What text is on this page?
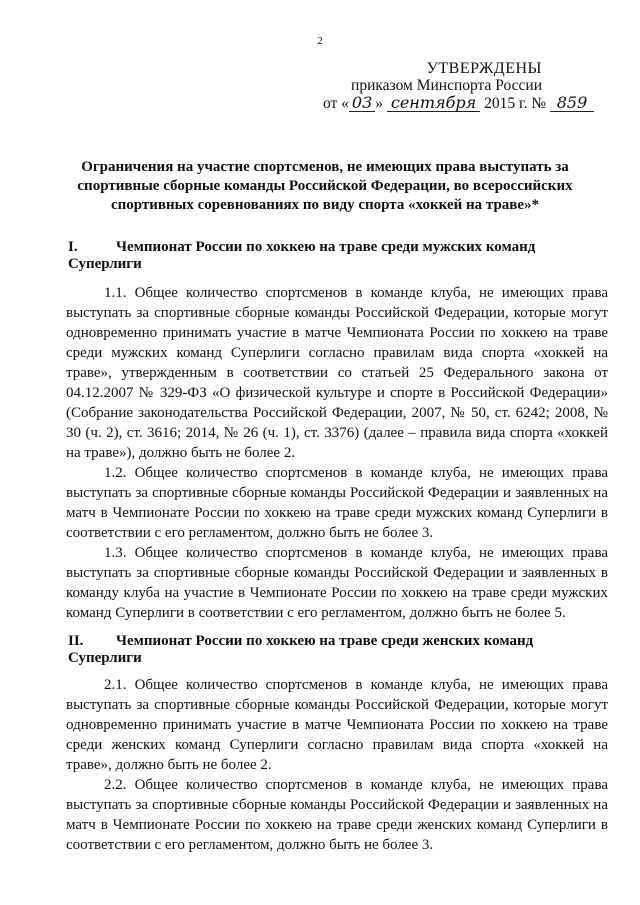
2
УТВЕРЖДЕНЫ
приказом Минспорта России
от « 03 » сентября 2015 г. № 859
Ограничения на участие спортсменов, не имеющих права выступать за спортивные сборные команды Российской Федерации, во всероссийских спортивных соревнованиях по виду спорта «хоккей на траве»*
I.	Чемпионат России по хоккею на траве среди мужских команд Суперлиги

1.1. Общее количество спортсменов в команде клуба, не имеющих права выступать за спортивные сборные команды Российской Федерации, которые могут одновременно принимать участие в матче Чемпионата России по хоккею на траве среди мужских команд Суперлиги согласно правилам вида спорта «хоккей на траве», утвержденным в соответствии со статьей 25 Федерального закона от 04.12.2007 № 329-ФЗ «О физической культуре и спорте в Российской Федерации» (Собрание законодательства Российской Федерации, 2007, № 50, ст. 6242; 2008, № 30 (ч. 2), ст. 3616; 2014, № 26 (ч. 1), ст. 3376) (далее – правила вида спорта «хоккей на траве»), должно быть не более 2.

1.2. Общее количество спортсменов в команде клуба, не имеющих права выступать за спортивные сборные команды Российской Федерации и заявленных на матч в Чемпионате России по хоккею на траве среди мужских команд Суперлиги в соответствии с его регламентом, должно быть не более 3.

1.3. Общее количество спортсменов в команде клуба, не имеющих права выступать за спортивные сборные команды Российской Федерации и заявленных в команду клуба на участие в Чемпионате России по хоккею на траве среди мужских команд Суперлиги в соответствии с его регламентом, должно быть не более 5.

II. Чемпионат России по хоккею на траве среди женских команд Суперлиги

2.1. Общее количество спортсменов в команде клуба, не имеющих права выступать за спортивные сборные команды Российской Федерации, которые могут одновременно принимать участие в матче Чемпионата России по хоккею на траве среди женских команд Суперлиги согласно правилам вида спорта «хоккей на траве», должно быть не более 2.

2.2. Общее количество спортсменов в команде клуба, не имеющих права выступать за спортивные сборные команды Российской Федерации и заявленных на матч в Чемпионате России по хоккею на траве среди женских команд Суперлиги в соответствии с его регламентом, должно быть не более 3.
